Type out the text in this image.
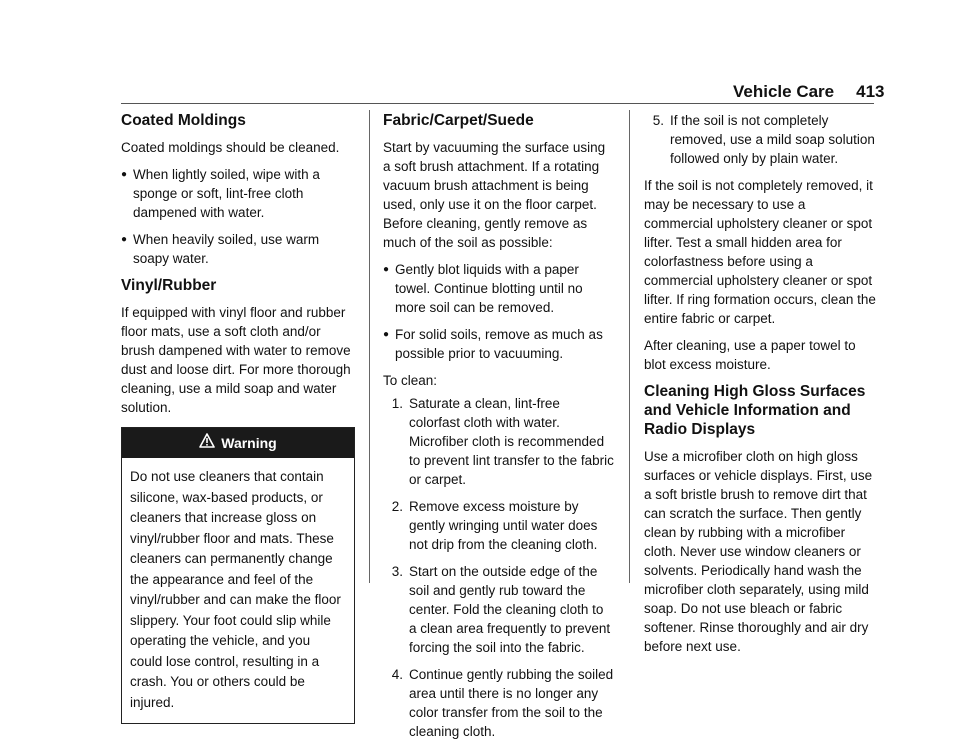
Vehicle Care 413
Coated Moldings

Coated moldings should be cleaned.

● When lightly soiled, wipe with a sponge or soft, lint-free cloth dampened with water.
● When heavily soiled, use warm soapy water.
Vinyl/Rubber

If equipped with vinyl floor and rubber floor mats, use a soft cloth and/or brush dampened with water to remove dust and loose dirt. For more thorough cleaning, use a mild soap and water solution.

Warning
Do not use cleaners that contain silicone, wax-based products, or cleaners that increase gloss on vinyl/rubber floor and mats. These cleaners can permanently change the appearance and feel of the vinyl/rubber and can make the floor slippery. Your foot could slip while operating the vehicle, and you could lose control, resulting in a crash. You or others could be injured.
Fabric/Carpet/Suede

Start by vacuuming the surface using a soft brush attachment. If a rotating vacuum brush attachment is being used, only use it on the floor carpet. Before cleaning, gently remove as much of the soil as possible:

● Gently blot liquids with a paper towel. Continue blotting until no more soil can be removed.
● For solid soils, remove as much as possible prior to vacuuming.

To clean:

1. Saturate a clean, lint-free colorfast cloth with water. Microfiber cloth is recommended to prevent lint transfer to the fabric or carpet.
2. Remove excess moisture by gently wringing until water does not drip from the cleaning cloth.
3. Start on the outside edge of the soil and gently rub toward the center. Fold the cleaning cloth to a clean area frequently to prevent forcing the soil into the fabric.
4. Continue gently rubbing the soiled area until there is no longer any color transfer from the soil to the cleaning cloth.
5. If the soil is not completely removed, use a mild soap solution followed only by plain water.

If the soil is not completely removed, it may be necessary to use a commercial upholstery cleaner or spot lifter. Test a small hidden area for colorfastness before using a commercial upholstery cleaner or spot lifter. If ring formation occurs, clean the entire fabric or carpet.

After cleaning, use a paper towel to blot excess moisture.

Cleaning High Gloss Surfaces and Vehicle Information and Radio Displays

Use a microfiber cloth on high gloss surfaces or vehicle displays. First, use a soft bristle brush to remove dirt that can scratch the surface. Then gently clean by rubbing with a microfiber cloth. Never use window cleaners or solvents. Periodically hand wash the microfiber cloth separately, using mild soap. Do not use bleach or fabric softener. Rinse thoroughly and air dry before next use.
